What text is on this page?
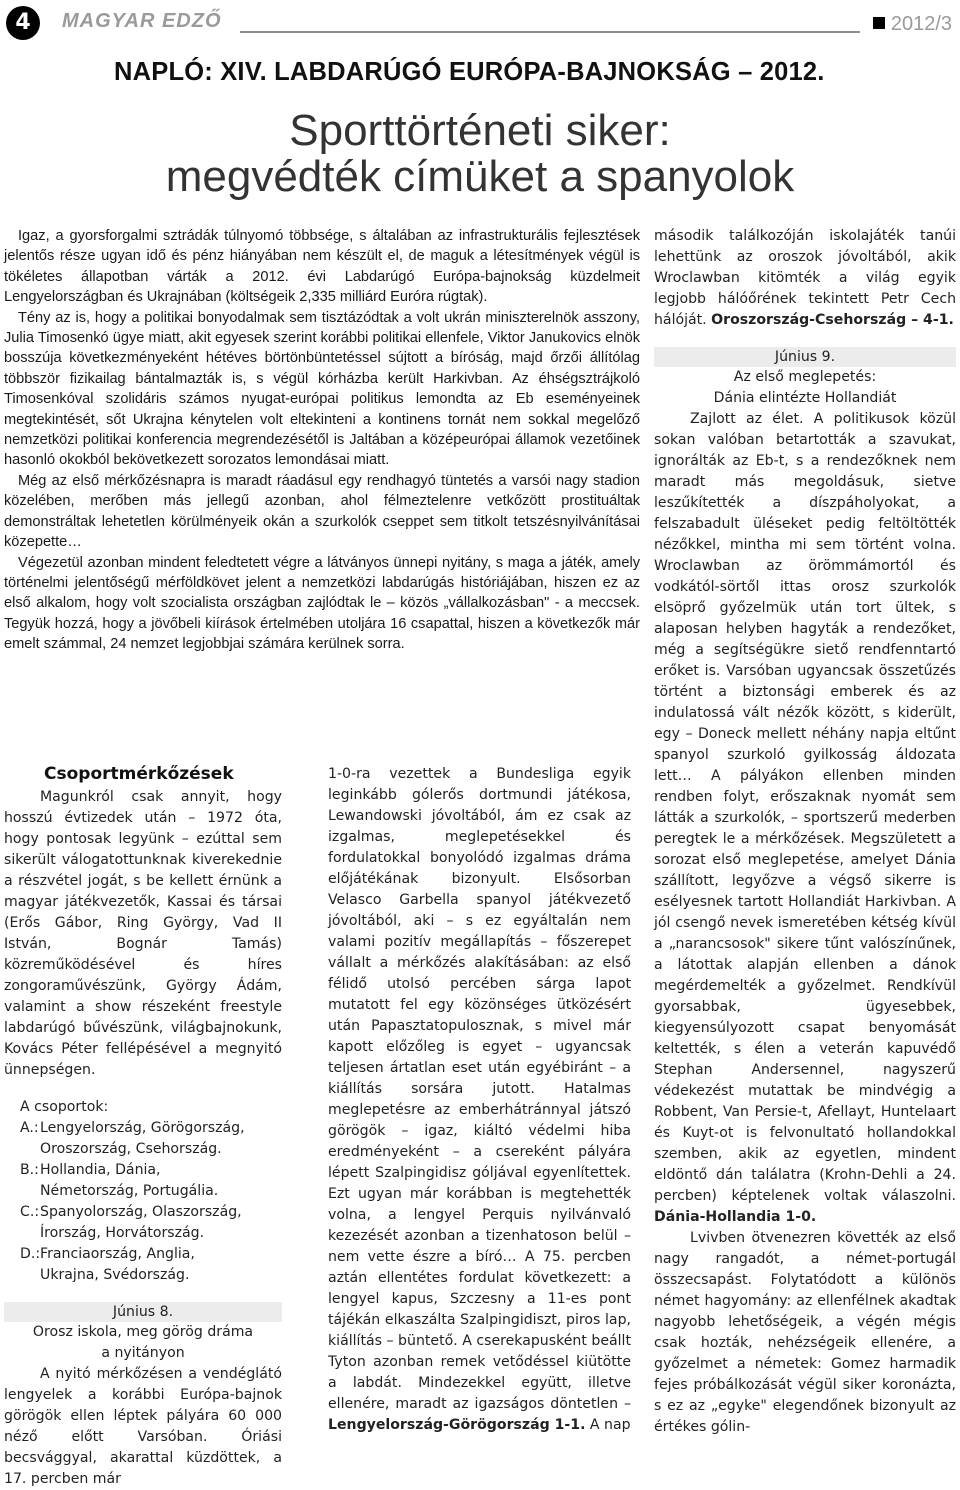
4	MAGYAR EDZŐ	2012/3
NAPLÓ: XIV. LABDARÚGÓ EURÓPA-BAJNOKSÁG – 2012.
Sporttörténeti siker:
megvédték címüket a spanyolok

Igaz, a gyorsforgalmi sztrádák túlnyomó többsége, s általában az infrastrukturális fejlesztések jelentős része ugyan idő és pénz hiányában nem készült el, de maguk a létesítmények végül is tökéletes állapotban várták a 2012. évi Labdarúgó Európa-bajnokság küzdelmeit Lengyelországban és Ukrajnában (költségeik 2,335 milliárd Euróra rúgtak).

Tény az is, hogy a politikai bonyodalmak sem tisztázódtak a volt ukrán miniszterelnök asszony, Julia Timosenkó ügye miatt, akit egyesek szerint korábbi politikai ellenfele, Viktor Janukovics elnök bosszúja következményeként hétéves börtönbüntetéssel sújtott a bíróság, majd őrzői állítólag többször fizikailag bántalmazták is, s végül kórházba került Harkivban. Az éhségsztrájkoló Timosenkóval szolidáris számos nyugat-európai politikus lemondta az Eb eseményeinek megtekintését, sőt Ukrajna kénytelen volt eltekinteni a kontinens tornát nem sokkal megelőző nemzetközi politikai konferencia megrendezésétől is Jaltában a középeurópai államok vezetőinek hasonló okokból bekövetkezett sorozatos lemondásai miatt.

Még az első mérkőzésnapra is maradt ráadásul egy rendhagyó tüntetés a varsói nagy stadion közelében, merőben más jellegű azonban, ahol félmeztelenre vetkőzött prostituáltak demonstráltak lehetetlen körülményeik okán a szurkolók cseppet sem titkolt tetszésnyilvánításai közepette…

Végezetül azonban mindent feledtetett végre a látványos ünnepi nyitány, s maga a játék, amely történelmi jelentőségű mérföldkövet jelent a nemzetközi labdarúgás históriájában, hiszen ez az első alkalom, hogy volt szocialista országban zajlódtak le – közös „vállalkozásban" - a meccsek. Tegyük hozzá, hogy a jövőbeli kiírások értelmében utoljára 16 csapattal, hiszen a következők már emelt számmal, 24 nemzet legjobbjai számára kerülnek sorra.

Csoportmérkőzések

Magunkról csak annyit, hogy hosszú évtizedek után – 1972 óta, hogy pontosak legyünk – ezúttal sem sikerült válogatottunknak kiverekednie a részvétel jogát, s be kellett érnünk a magyar játékvezetők, Kassai és társai (Erős Gábor, Ring György, Vad II István, Bognár Tamás) közreműködésével és híres zongoraművészünk, György Ádám, valamint a show részeként freestyle labdarúgó bűvészünk, világbajnokunk, Kovács Péter fellépésével a megnyitó ünnepségen.

A csoportok:
A.: Lengyelország, Görögország,
Oroszország, Csehország.
B.: Hollandia, Dánia,
Németország, Portugália.
C.: Spanyolország, Olaszország,
Írország, Horvátország.
D.: Franciaország, Anglia,
Ukrajna, Svédország.
Június 8.
Orosz iskola, meg görög dráma
a nyitányon

A nyitó mérkőzésen a vendéglátó lengyelek a korábbi Európa-bajnok görögök ellen léptek pályára 60 000 néző előtt Varsóban. Óriási becsvággyal, akarattal küzdöttek, a 17. percben már

1-0-ra vezettek a Bundesliga egyik leginkább gólerős dortmundi játékosa, Lewandowski jóvoltából, ám ez csak az izgalmas, meglepetésekkel és fordulatokkal bonyolódó izgalmas dráma előjátékának bizonyult. Elsősorban Velasco Garbella spanyol játékvezető jóvoltából, aki – s ez egyáltalán nem valami pozitív megállapítás – főszerepet vállalt a mérkőzés alakításában: az első félidő utolsó percében sárga lapot mutatott fel egy közönséges ütközésért után Papasztatopulosznak, s mivel már kapott előzőleg is egyet – ugyancsak teljesen ártatlan eset után egyébiránt – a kiállítás sorsára jutott. Hatalmas meglepetésre az emberhátránnyal játszó görögök – igaz, kiáltó védelmi hiba eredményeként – a csereként pályára lépett Szalpingidisz góljával egyenlítettek. Ezt ugyan már korábban is megtehették volna, a lengyel Perquis nyilvánvaló kezezését azonban a tizenhatoson belül – nem vette észre a bíró… A 75. percben aztán ellentétes fordulat következett: a lengyel kapus, Szczesny a 11-es pont tájékán elkaszálta Szalpingidiszt, piros lap, kiállítás – büntető. A cserekapusként beállt Tyton azonban remek vetődéssel kiütötte a labdát. Mindezekkel együtt, illetve ellenére, maradt az igazságos döntetlen – Lengyelország-Görögország 1-1. A nap

második találkozóján iskolajáték tanúi lehettünk az oroszok jóvoltából, akik Wroclawban kitömték a világ egyik legjobb hálóőrének tekintett Petr Cech hálóját. Oroszország-Csehország – 4-1.

Június 9.
Az első meglepetés:
Dánia elintézte Hollandiát

Zajlott az élet. A politikusok közül sokan valóban betartották a szavukat, ignorálták az Eb-t, s a rendezőknek nem maradt más megoldásuk, sietve leszűkítették a díszpáholyokat, a felszabadult üléseket pedig feltöltötték nézőkkel, mintha mi sem történt volna. Wroclawban az örömmámortól és vodkától-sörtől ittas orosz szurkolók elsöprő győzelmük után tort ültek, s alaposan helyben hagyták a rendezőket, még a segítségükre siető rendfenntartó erőket is. Varsóban ugyancsak összetűzés történt a biztonsági emberek és az indulatossá vált nézők között, s kiderült, egy – Doneck mellett néhány napja eltűnt spanyol szurkoló gyilkosság áldozata lett… A pályákon ellenben minden rendben folyt, erőszaknak nyomát sem látták a szurkolók, – sportszerű mederben peregtek le a mérkőzések. Megszületett a sorozat első meglepetése, amelyet Dánia szállított, legyőzve a végső sikerre is esélyesnek tartott Hollandiát Harkivban. A jól csengő nevek ismeretében kétség kívül a „narancsosok" sikere tűnt valószínűnek, a látottak alapján ellenben a dánok megérdemelték a győzelmet. Rendkívül gyorsabbak, ügyesebbek, kiegyensúlyozott csapat benyomását keltették, s élen a veterán kapuvédő Stephan Andersennel, nagyszerű védekezést mutattak be mindvégig a Robbent, Van Persie-t, Afellayt, Huntelaart és Kuyt-ot is felvonultató hollandokkal szemben, akik az egyetlen, mindent eldöntő dán találatra (Krohn-Dehli a 24. percben) képtelenek voltak válaszolni. Dánia-Hollandia 1-0.

Lvivben ötvenezren követték az első nagy rangadót, a német-portugál összecsapást. Folytatódott a különös német hagyomány: az ellenfélnek akadtak nagyobb lehetőségeik, a végén mégis csak hozták, nehézségeik ellenére, a győzelmet a németek: Gomez harmadik fejes próbálkozását végül siker koronázta, s ez az „egyke" elegendőnek bizonyult az értékes gólin-
